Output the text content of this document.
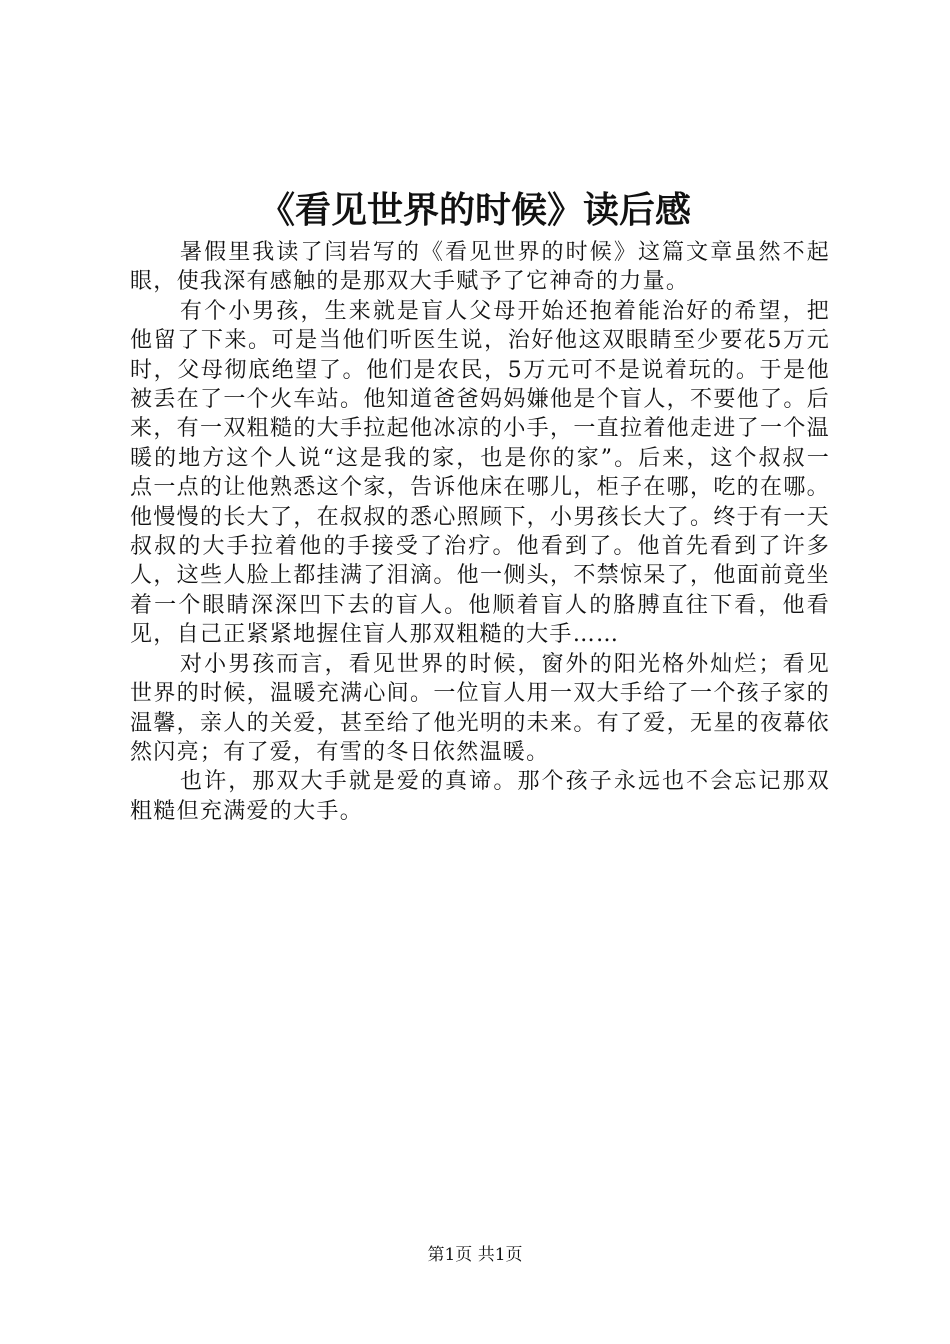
《看见世界的时候》读后感

暑假里我读了闫岩写的《看见世界的时候》这篇文章虽然不起眼，使我深有感触的是那双大手赋予了它神奇的力量。

有个小男孩，生来就是盲人父母开始还抱着能治好的希望，把他留了下来。可是当他们听医生说，治好他这双眼睛至少要花5万元时，父母彻底绝望了。他们是农民，5万元可不是说着玩的。于是他被丢在了一个火车站。他知道爸爸妈妈嫌他是个盲人，不要他了。后来，有一双粗糙的大手拉起他冰凉的小手，一直拉着他走进了一个温暖的地方这个人说“这是我的家，也是你的家”。后来，这个叔叔一点一点的让他熟悉这个家，告诉他床在哪儿，柜子在哪，吃的在哪。他慢慢的长大了，在叔叔的悉心照顾下，小男孩长大了。终于有一天叔叔的大手拉着他的手接受了治疗。他看到了。他首先看到了许多人，这些人脸上都挂满了泪滴。他一侧头，不禁惊呆了，他面前竟坐着一个眼睛深深凹下去的盲人。他顺着盲人的胳膊直往下看，他看见，自己正紧紧地握住盲人那双粗糙的大手……

对小男孩而言，看见世界的时候，窗外的阳光格外灿烂；看见世界的时候，温暖充满心间。一位盲人用一双大手给了一个孩子家的温馨，亲人的关爱，甚至给了他光明的未来。有了爱，无星的夜幕依然闪亮；有了爱，有雪的冬日依然温暖。

也许，那双大手就是爱的真谛。那个孩子永远也不会忘记那双粗糙但充满爱的大手。

第1页 共1页
